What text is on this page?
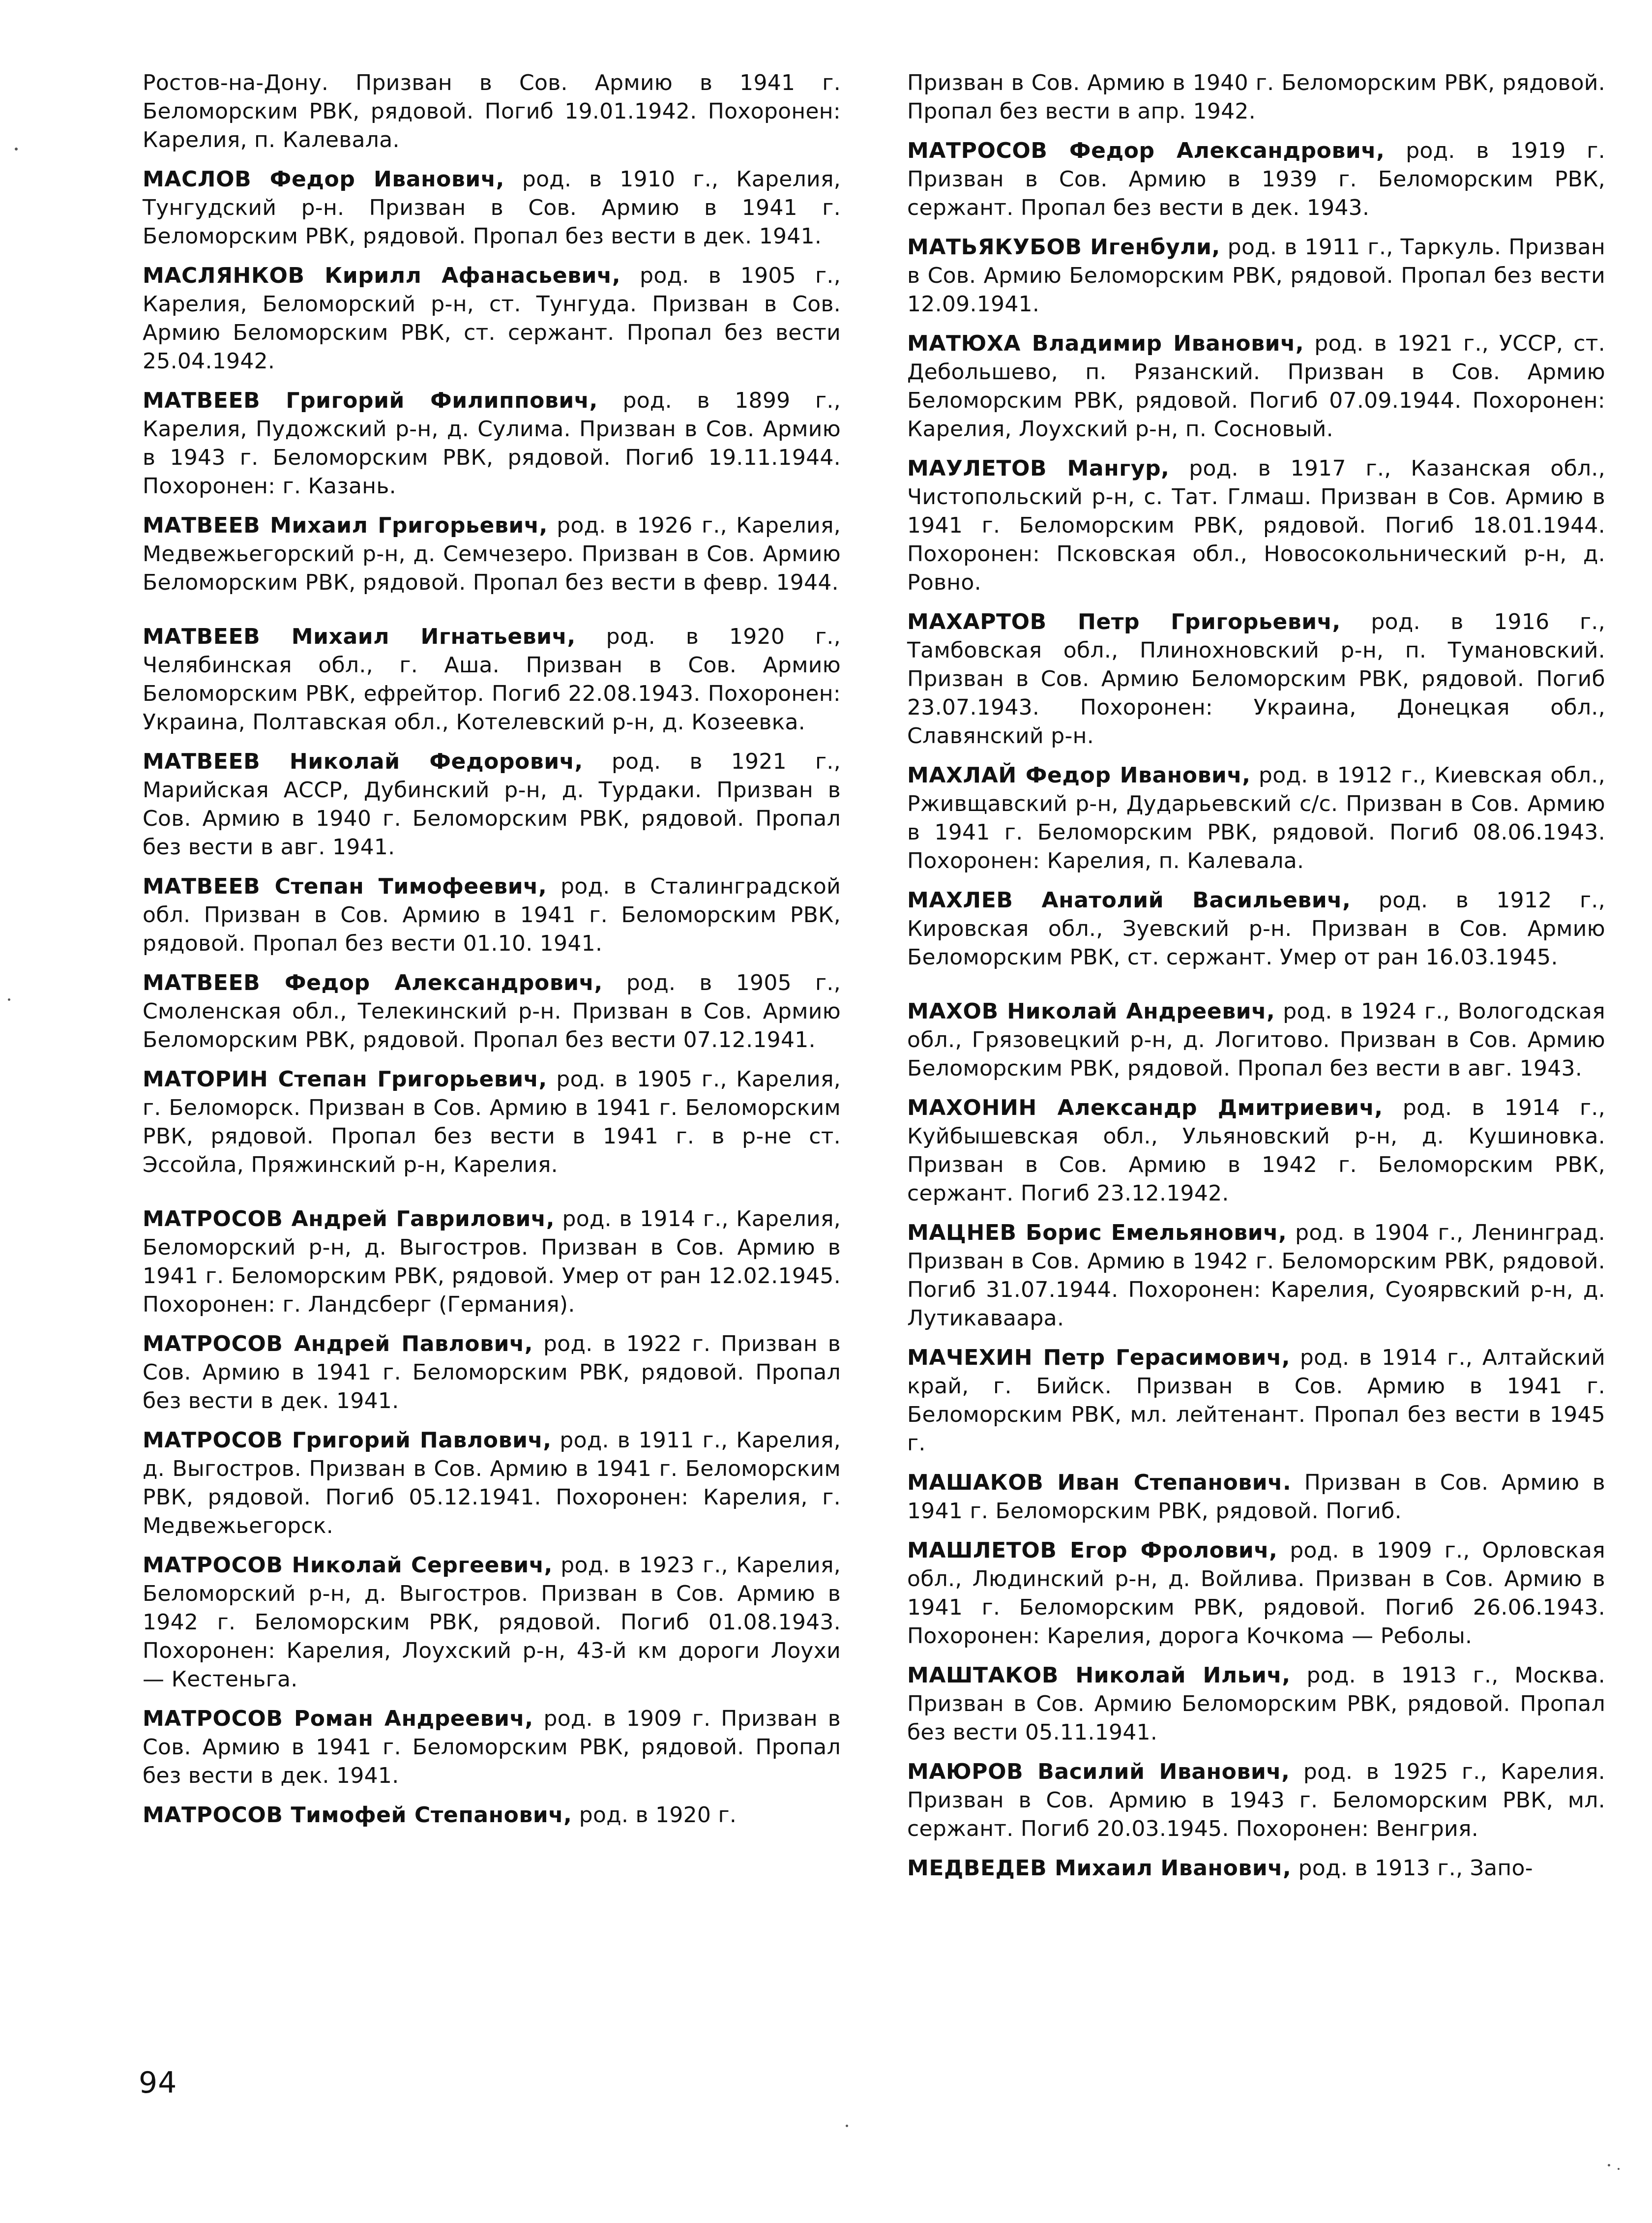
Ростов-на-Дону. Призван в Сов. Армию в 1941 г. Беломорским РВК, рядовой. Погиб 19.01.1942. Похоронен: Карелия, п. Калевала.

МАСЛОВ Федор Иванович, род. в 1910 г., Карелия, Тунгудский р-н. Призван в Сов. Армию в 1941 г. Беломорским РВК, рядовой. Пропал без вести в дек. 1941.

МАСЛЯНКОВ Кирилл Афанасьевич, род. в 1905 г., Карелия, Беломорский р-н, ст. Тунгуда. Призван в Сов. Армию Беломорским РВК, ст. сержант. Пропал без вести 25.04.1942.

МАТВЕЕВ Григорий Филиппович, род. в 1899 г., Карелия, Пудожский р-н, д. Сулима. Призван в Сов. Армию в 1943 г. Беломорским РВК, рядовой. Погиб 19.11.1944. Похоронен: г. Казань.

МАТВЕЕВ Михаил Григорьевич, род. в 1926 г., Карелия, Медвежьегорский р-н, д. Семчезеро. Призван в Сов. Армию Беломорским РВК, рядовой. Пропал без вести в февр. 1944.

МАТВЕЕВ Михаил Игнатьевич, род. в 1920 г., Челябинская обл., г. Аша. Призван в Сов. Армию Беломорским РВК, ефрейтор. Погиб 22.08.1943. Похоронен: Украина, Полтавская обл., Котелевский р-н, д. Козеевка.

МАТВЕЕВ Николай Федорович, род. в 1921 г., Марийская АССР, Дубинский р-н, д. Турдаки. Призван в Сов. Армию в 1940 г. Беломорским РВК, рядовой. Пропал без вести в авг. 1941.

МАТВЕЕВ Степан Тимофеевич, род. в Сталинградской обл. Призван в Сов. Армию в 1941 г. Беломорским РВК, рядовой. Пропал без вести 01.10. 1941.

МАТВЕЕВ Федор Александрович, род. в 1905 г., Смоленская обл., Телекинский р-н. Призван в Сов. Армию Беломорским РВК, рядовой. Пропал без вести 07.12.1941.

МАТОРИН Степан Григорьевич, род. в 1905 г., Карелия, г. Беломорск. Призван в Сов. Армию в 1941 г. Беломорским РВК, рядовой. Пропал без вести в 1941 г. в р-не ст. Эссойла, Пряжинский р-н, Карелия.

МАТРОСОВ Андрей Гаврилович, род. в 1914 г., Карелия, Беломорский р-н, д. Выгостров. Призван в Сов. Армию в 1941 г. Беломорским РВК, рядовой. Умер от ран 12.02.1945. Похоронен: г. Ландсберг (Германия).

МАТРОСОВ Андрей Павлович, род. в 1922 г. Призван в Сов. Армию в 1941 г. Беломорским РВК, рядовой. Пропал без вести в дек. 1941.

МАТРОСОВ Григорий Павлович, род. в 1911 г., Карелия, д. Выгостров. Призван в Сов. Армию в 1941 г. Беломорским РВК, рядовой. Погиб 05.12.1941. Похоронен: Карелия, г. Медвежьегорск.

МАТРОСОВ Николай Сергеевич, род. в 1923 г., Карелия, Беломорский р-н, д. Выгостров. Призван в Сов. Армию в 1942 г. Беломорским РВК, рядовой. Погиб 01.08.1943. Похоронен: Карелия, Лоухский р-н, 43-й км дороги Лоухи — Кестеньга.

МАТРОСОВ Роман Андреевич, род. в 1909 г. Призван в Сов. Армию в 1941 г. Беломорским РВК, рядовой. Пропал без вести в дек. 1941.

МАТРОСОВ Тимофей Степанович, род. в 1920 г.

Призван в Сов. Армию в 1940 г. Беломорским РВК, рядовой. Пропал без вести в апр. 1942.

МАТРОСОВ Федор Александрович, род. в 1919 г. Призван в Сов. Армию в 1939 г. Беломорским РВК, сержант. Пропал без вести в дек. 1943.

МАТЬЯКУБОВ Игенбули, род. в 1911 г., Таркуль. Призван в Сов. Армию Беломорским РВК, рядовой. Пропал без вести 12.09.1941.

МАТЮХА Владимир Иванович, род. в 1921 г., УССР, ст. Дебольшево, п. Рязанский. Призван в Сов. Армию Беломорским РВК, рядовой. Погиб 07.09.1944. Похоронен: Карелия, Лоухский р-н, п. Сосновый.

МАУЛЕТОВ Мангур, род. в 1917 г., Казанская обл., Чистопольский р-н, с. Тат. Глмаш. Призван в Сов. Армию в 1941 г. Беломорским РВК, рядовой. Погиб 18.01.1944. Похоронен: Псковская обл., Новосокольнический р-н, д. Ровно.

МАХАРТОВ Петр Григорьевич, род. в 1916 г., Тамбовская обл., Плинохновский р-н, п. Тумановский. Призван в Сов. Армию Беломорским РВК, рядовой. Погиб 23.07.1943. Похоронен: Украина, Донецкая обл., Славянский р-н.

МАХЛАЙ Федор Иванович, род. в 1912 г., Киевская обл., Рживщавский р-н, Дударьевский с/с. Призван в Сов. Армию в 1941 г. Беломорским РВК, рядовой. Погиб 08.06.1943. Похоронен: Карелия, п. Калевала.

МАХЛЕВ Анатолий Васильевич, род. в 1912 г., Кировская обл., Зуевский р-н. Призван в Сов. Армию Беломорским РВК, ст. сержант. Умер от ран 16.03.1945.

МАХОВ Николай Андреевич, род. в 1924 г., Вологодская обл., Грязовецкий р-н, д. Логитово. Призван в Сов. Армию Беломорским РВК, рядовой. Пропал без вести в авг. 1943.

МАХОНИН Александр Дмитриевич, род. в 1914 г., Куйбышевская обл., Ульяновский р-н, д. Кушиновка. Призван в Сов. Армию в 1942 г. Беломорским РВК, сержант. Погиб 23.12.1942.

МАЦНЕВ Борис Емельянович, род. в 1904 г., Ленинград. Призван в Сов. Армию в 1942 г. Беломорским РВК, рядовой. Погиб 31.07.1944. Похоронен: Карелия, Суоярвский р-н, д. Лутикаваара.

МАЧЕХИН Петр Герасимович, род. в 1914 г., Алтайский край, г. Бийск. Призван в Сов. Армию в 1941 г. Беломорским РВК, мл. лейтенант. Пропал без вести в 1945 г.

МАШАКОВ Иван Степанович. Призван в Сов. Армию в 1941 г. Беломорским РВК, рядовой. Погиб.

МАШЛЕТОВ Егор Фролович, род. в 1909 г., Орловская обл., Людинский р-н, д. Войлива. Призван в Сов. Армию в 1941 г. Беломорским РВК, рядовой. Погиб 26.06.1943. Похоронен: Карелия, дорога Кочкома — Реболы.

МАШТАКОВ Николай Ильич, род. в 1913 г., Москва. Призван в Сов. Армию Беломорским РВК, рядовой. Пропал без вести 05.11.1941.

МАЮРОВ Василий Иванович, род. в 1925 г., Карелия. Призван в Сов. Армию в 1943 г. Беломорским РВК, мл. сержант. Погиб 20.03.1945. Похоронен: Венгрия.

МЕДВЕДЕВ Михаил Иванович, род. в 1913 г., Запо-

94
